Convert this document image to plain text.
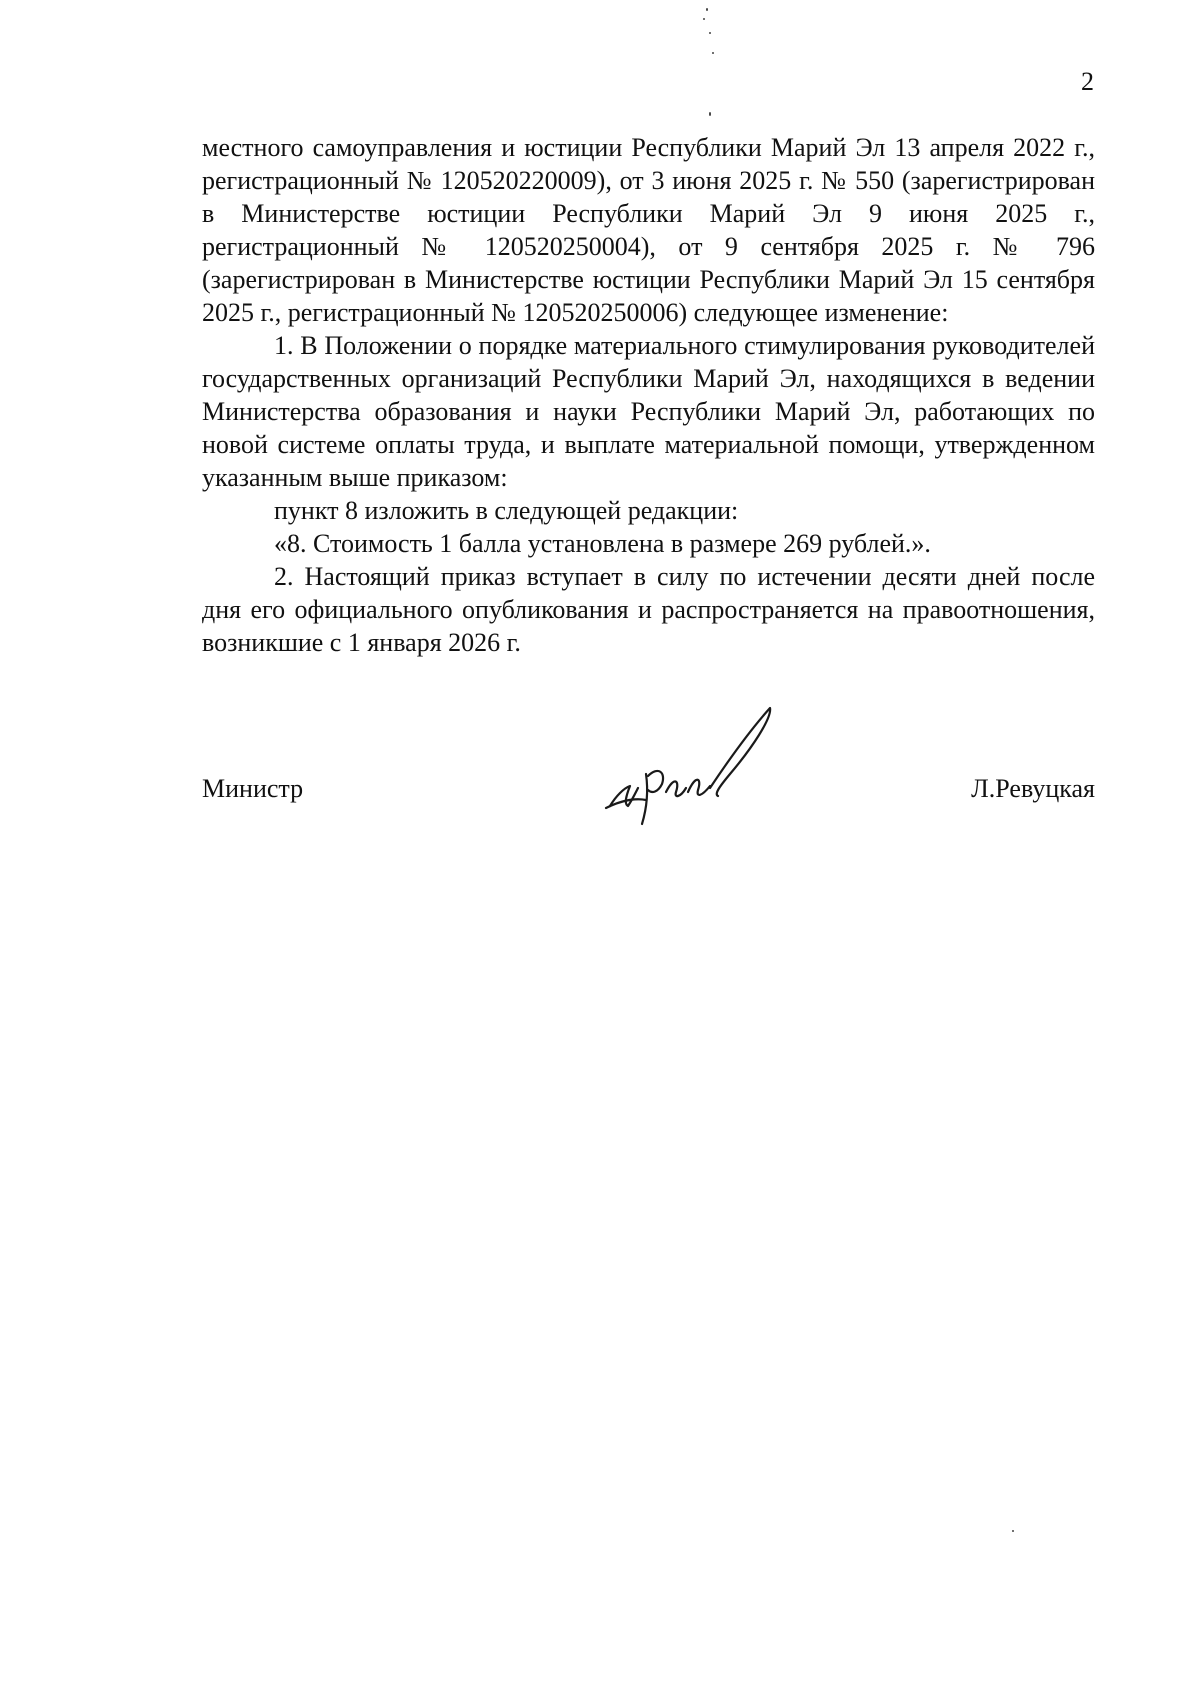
2

местного самоуправления и юстиции Республики Марий Эл 13 апреля 2022 г., регистрационный № 120520220009), от 3 июня 2025 г. № 550 (зарегистрирован в Министерстве юстиции Республики Марий Эл 9 июня 2025 г., регистрационный № 120520250004), от 9 сентября 2025 г. № 796 (зарегистрирован в Министерстве юстиции Республики Марий Эл 15 сентября 2025 г., регистрационный № 120520250006) следующее изменение:

1. В Положении о порядке материального стимулирования руководителей государственных организаций Республики Марий Эл, находящихся в ведении Министерства образования и науки Республики Марий Эл, работающих по новой системе оплаты труда, и выплате материальной помощи, утвержденном указанным выше приказом:

пункт 8 изложить в следующей редакции:

«8. Стоимость 1 балла установлена в размере 269 рублей.».

2. Настоящий приказ вступает в силу по истечении десяти дней после дня его официального опубликования и распространяется на правоотношения, возникшие с 1 января 2026 г.

Министр	Л.Ревуцкая
